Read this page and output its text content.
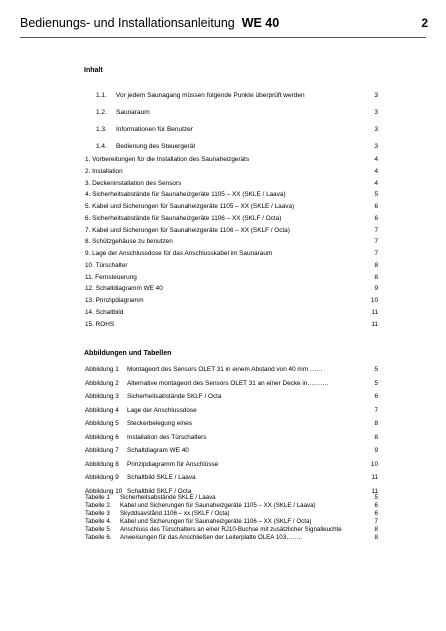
Bedienungs- und Installationsanleitung WE 40	2
Inhalt
1.1. Vor jedem Saunagang müssen folgende Punkte überprüft werden	3
1.2. Saunaraum	3
1.3. Informationen für Benutzer	3
1.4. Bedienung des Steuergerät	3
1. Vorbereitungen für die Installation des Saunaheizgeräts	4
2. Installation	4
3. Deckeninstallation des Sensors	4
4. Sicherheitsabstände für Saunaheizgeräte 1105 – XX (SKLE / Laava)	5
5. Kabel und Sicherungen für Saunaheizgeräte 1105 – XX (SKLE / Laava)	6
6. Sicherheitsabstände für Saunaheizgeräte 1106 – XX (SKLF / Octa)	6
7. Kabel und Sicherungen für Saunaheizgeräte 1106 – XX (SKLF / Octa)	7
8. Schützgehäuse zu benutzen	7
9. Lage der Anschlussdose für das Anschlusskabel im Saunaraum	7
10. Türschalter	8
11. Fernsteuerung	8
12. Schaltdiagramm WE 40	9
13. Prinzipdiagramm	10
14. Schaltbild	11
15. ROHS	11
Abbildungen und Tabellen
Abbildung 1 Montageort des Sensors OLET 31 in einem Abstand von 40 mm ……	5
Abbildung 2 Alternative montageort des Sensors OLET 31 an einer Decke in……….	5
Abbildung 3 Sicherheitsabstände SKLF / Octa	6
Abbildung 4 Lage der Anschlussdose	7
Abbildung 5 Steckerbelegung eines	8
Abbildung 6 Installation des Türschalters	8
Abbildung 7 Schaltdiagram WE 40	9
Abbildung 8 Prinzipdiagramm für Anschlüsse	10
Abbildung 9 Schaltbild SKLE / Laava	11
Abbildung 10 Schaltbild SKLF / Octa	11
Tabelle 1 Sicherheitsabstände SKLE / Laava	5
Tabelle 2. Kabel und Sicherungen für Saunaheizgeräte 1105 – XX (SKLE / Laava)	6
Tabelle 3 Skyddsavstånd 1106 – xx (SKLF / Octa)	6
Tabelle 4. Kabel und Sicherungen für Saunaheizgeräte 1106 – XX (SKLF / Octa)	7
Tabelle 5. Anschluss des Türschalters an einer RJ10-Buchse mit zusätzlicher Signalleuchte	8
Tabelle 6. Anweisungen für das Anschließen der Leiterplatte OLEA 103……..	8
